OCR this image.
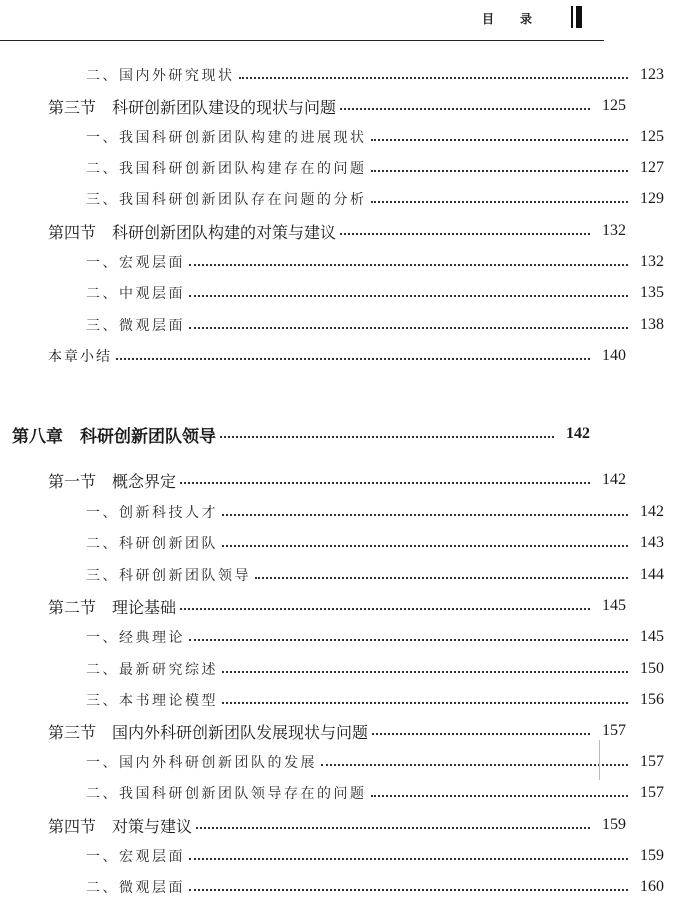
目录
二、国内外研究现状	123
第三节　科研创新团队建设的现状与问题	125
一、我国科研创新团队构建的进展现状	125
二、我国科研创新团队构建存在的问题	127
三、我国科研创新团队存在问题的分析	129
第四节　科研创新团队构建的对策与建议	132
一、宏观层面	132
二、中观层面	135
三、微观层面	138
本章小结	140
第八章　科研创新团队领导	142
第一节　概念界定	142
一、创新科技人才	142
二、科研创新团队	143
三、科研创新团队领导	144
第二节　理论基础	145
一、经典理论	145
二、最新研究综述	150
三、本书理论模型	156
第三节　国内外科研创新团队发展现状与问题	157
一、国内外科研创新团队的发展	157
二、我国科研创新团队领导存在的问题	157
第四节　对策与建议	159
一、宏观层面	159
二、微观层面	160
